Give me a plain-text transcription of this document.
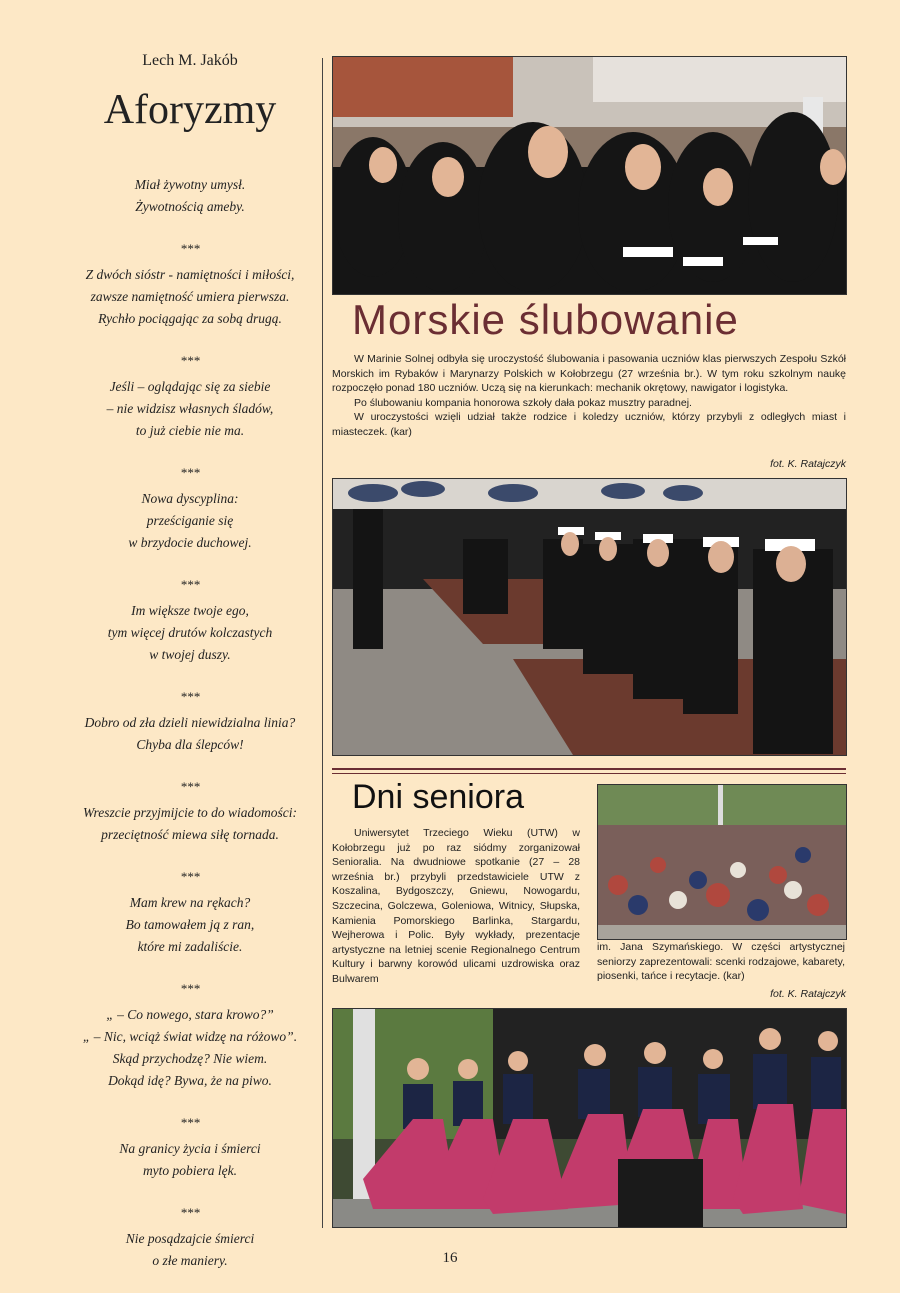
Lech M. Jakób
Aforyzmy

Miał żywotny umysł.

Żywotnością ameby.

***

Z dwóch sióstr - namiętności i miłości,

zawsze namiętność umiera pierwsza.

Rychło pociągając za sobą drugą.

***

Jeśli – oglądając się za siebie

– nie widzisz własnych śladów,

to już ciebie nie ma.

***

Nowa dyscyplina:

prześciganie się

w brzydocie duchowej.

***

Im większe twoje ego,

tym więcej drutów kolczastych

w twojej duszy.

***

Dobro od zła dzieli niewidzialna linia?

Chyba dla ślepców!

***

Wreszcie przyjmijcie to do wiadomości:

przeciętność miewa siłę tornada.

***

Mam krew na rękach?

Bo tamowałem ją z ran,

które mi zadaliście.

***

„ – Co nowego, stara krowo?”

„ – Nic, wciąż świat widzę na różowo”.

Skąd przychodzę? Nie wiem.

Dokąd idę? Bywa, że na piwo.

***

Na granicy życia i śmierci

myto pobiera lęk.

***

Nie posądzajcie śmierci

o złe maniery.

Morskie ślubowanie
W Marinie Solnej odbyła się uroczystość ślubowania i pasowania uczniów klas pierwszych Zespołu Szkół Morskich im Rybaków i Marynarzy Polskich w Kołobrzegu (27 września br.). W tym roku szkolnym naukę rozpoczęło ponad 180 uczniów. Uczą się na kierunkach: mechanik okrętowy, nawigator i logistyka.
Po ślubowaniu kompania honorowa szkoły dała pokaz musztry paradnej.
W uroczystości wzięli udział także rodzice i koledzy uczniów, którzy przybyli z odległych miast i miasteczek. (kar)
fot. K. Ratajczyk
Dni seniora
Uniwersytet Trzeciego Wieku (UTW) w Kołobrzegu już po raz siódmy zorganizował Senioralia. Na dwudniowe spotkanie (27 – 28 września br.) przybyli przedstawiciele UTW z Koszalina, Bydgoszczy, Gniewu, Nowogardu, Szczecina, Golczewa, Goleniowa, Witnicy, Słupska, Kamienia Pomorskiego Barlinka, Stargardu, Wejherowa i Polic. Były wykłady, prezentacje artystyczne na letniej scenie Regionalnego Centrum Kultury i barwny korowód ulicami uzdrowiska oraz Bulwarem
im. Jana Szymańskiego. W części artystycznej seniorzy zaprezentowali: scenki rodzajowe, kabarety, piosenki, tańce i recytacje. (kar)
fot. K. Ratajczyk
16
